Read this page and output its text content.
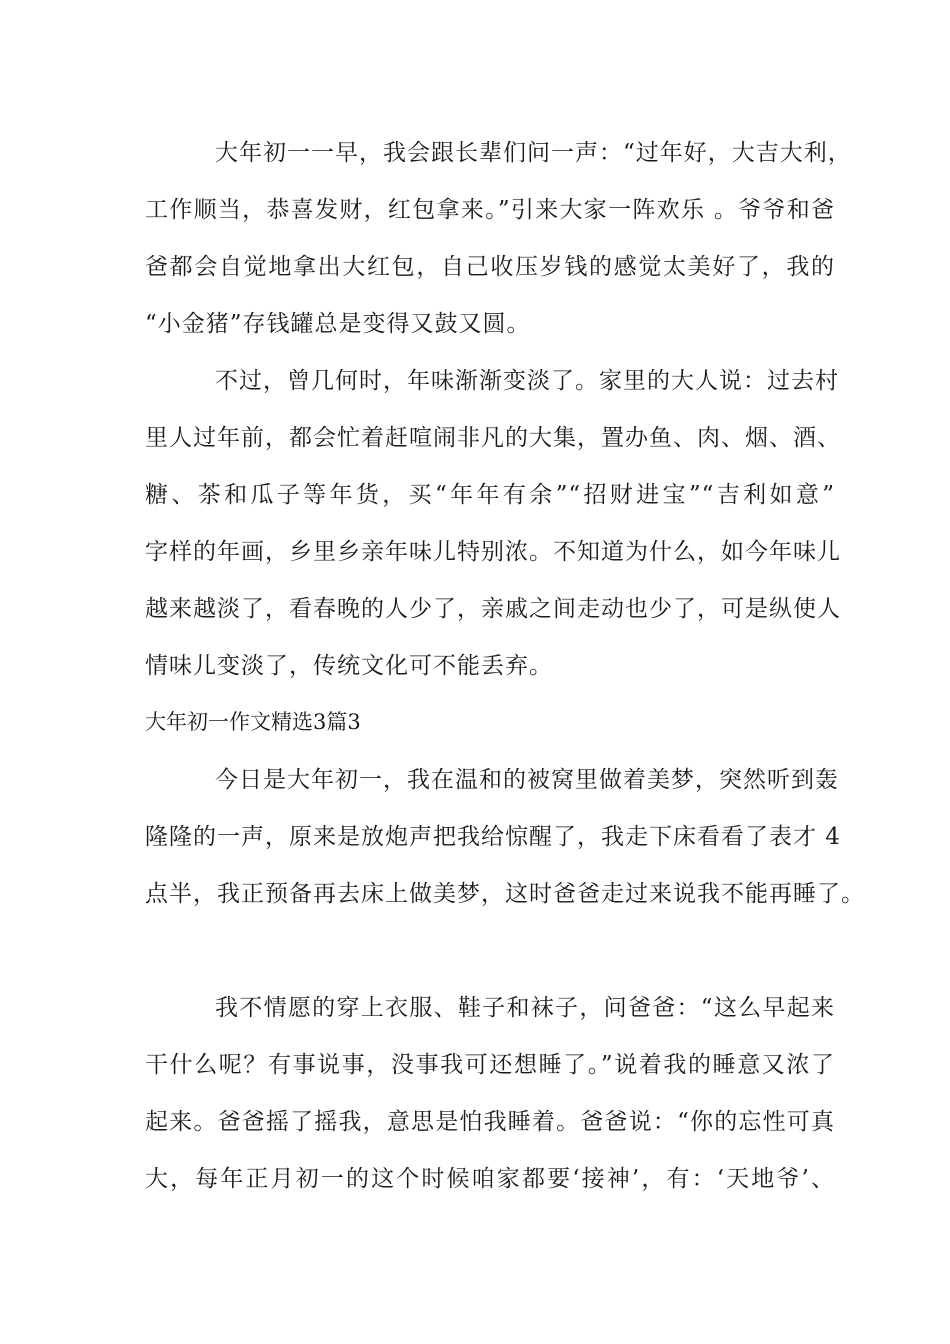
大年初一一早，我会跟长辈们问一声：“过年好，大吉大利，
工作顺当，恭喜发财，红包拿来。”引来大家一阵欢乐 。爷爷和爸
爸都会自觉地拿出大红包，自己收压岁钱的感觉太美好了，我的
“小金猪”存钱罐总是变得又鼓又圆。
不过，曾几何时，年味渐渐变淡了。家里的大人说：过去村
里人过年前，都会忙着赶喧闹非凡的大集，置办鱼、肉、烟、酒、
糖、茶和瓜子等年货，买“年年有余”“招财进宝”“吉利如意”
字样的年画，乡里乡亲年味儿特别浓。不知道为什么，如今年味儿
越来越淡了，看春晚的人少了，亲戚之间走动也少了，可是纵使人
情味儿变淡了，传统文化可不能丢弃。
大年初一作文精选3篇3
今日是大年初一，我在温和的被窝里做着美梦，突然听到轰
隆隆的一声，原来是放炮声把我给惊醒了，我走下床看看了表才 4
点半，我正预备再去床上做美梦，这时爸爸走过来说我不能再睡了。
我不情愿的穿上衣服、鞋子和袜子，问爸爸：“这么早起来
干什么呢？有事说事，没事我可还想睡了。”说着我的睡意又浓了
起来。爸爸摇了摇我，意思是怕我睡着。爸爸说：“你的忘性可真
大，每年正月初一的这个时候咱家都要‘接神’，有：‘天地爷’、
